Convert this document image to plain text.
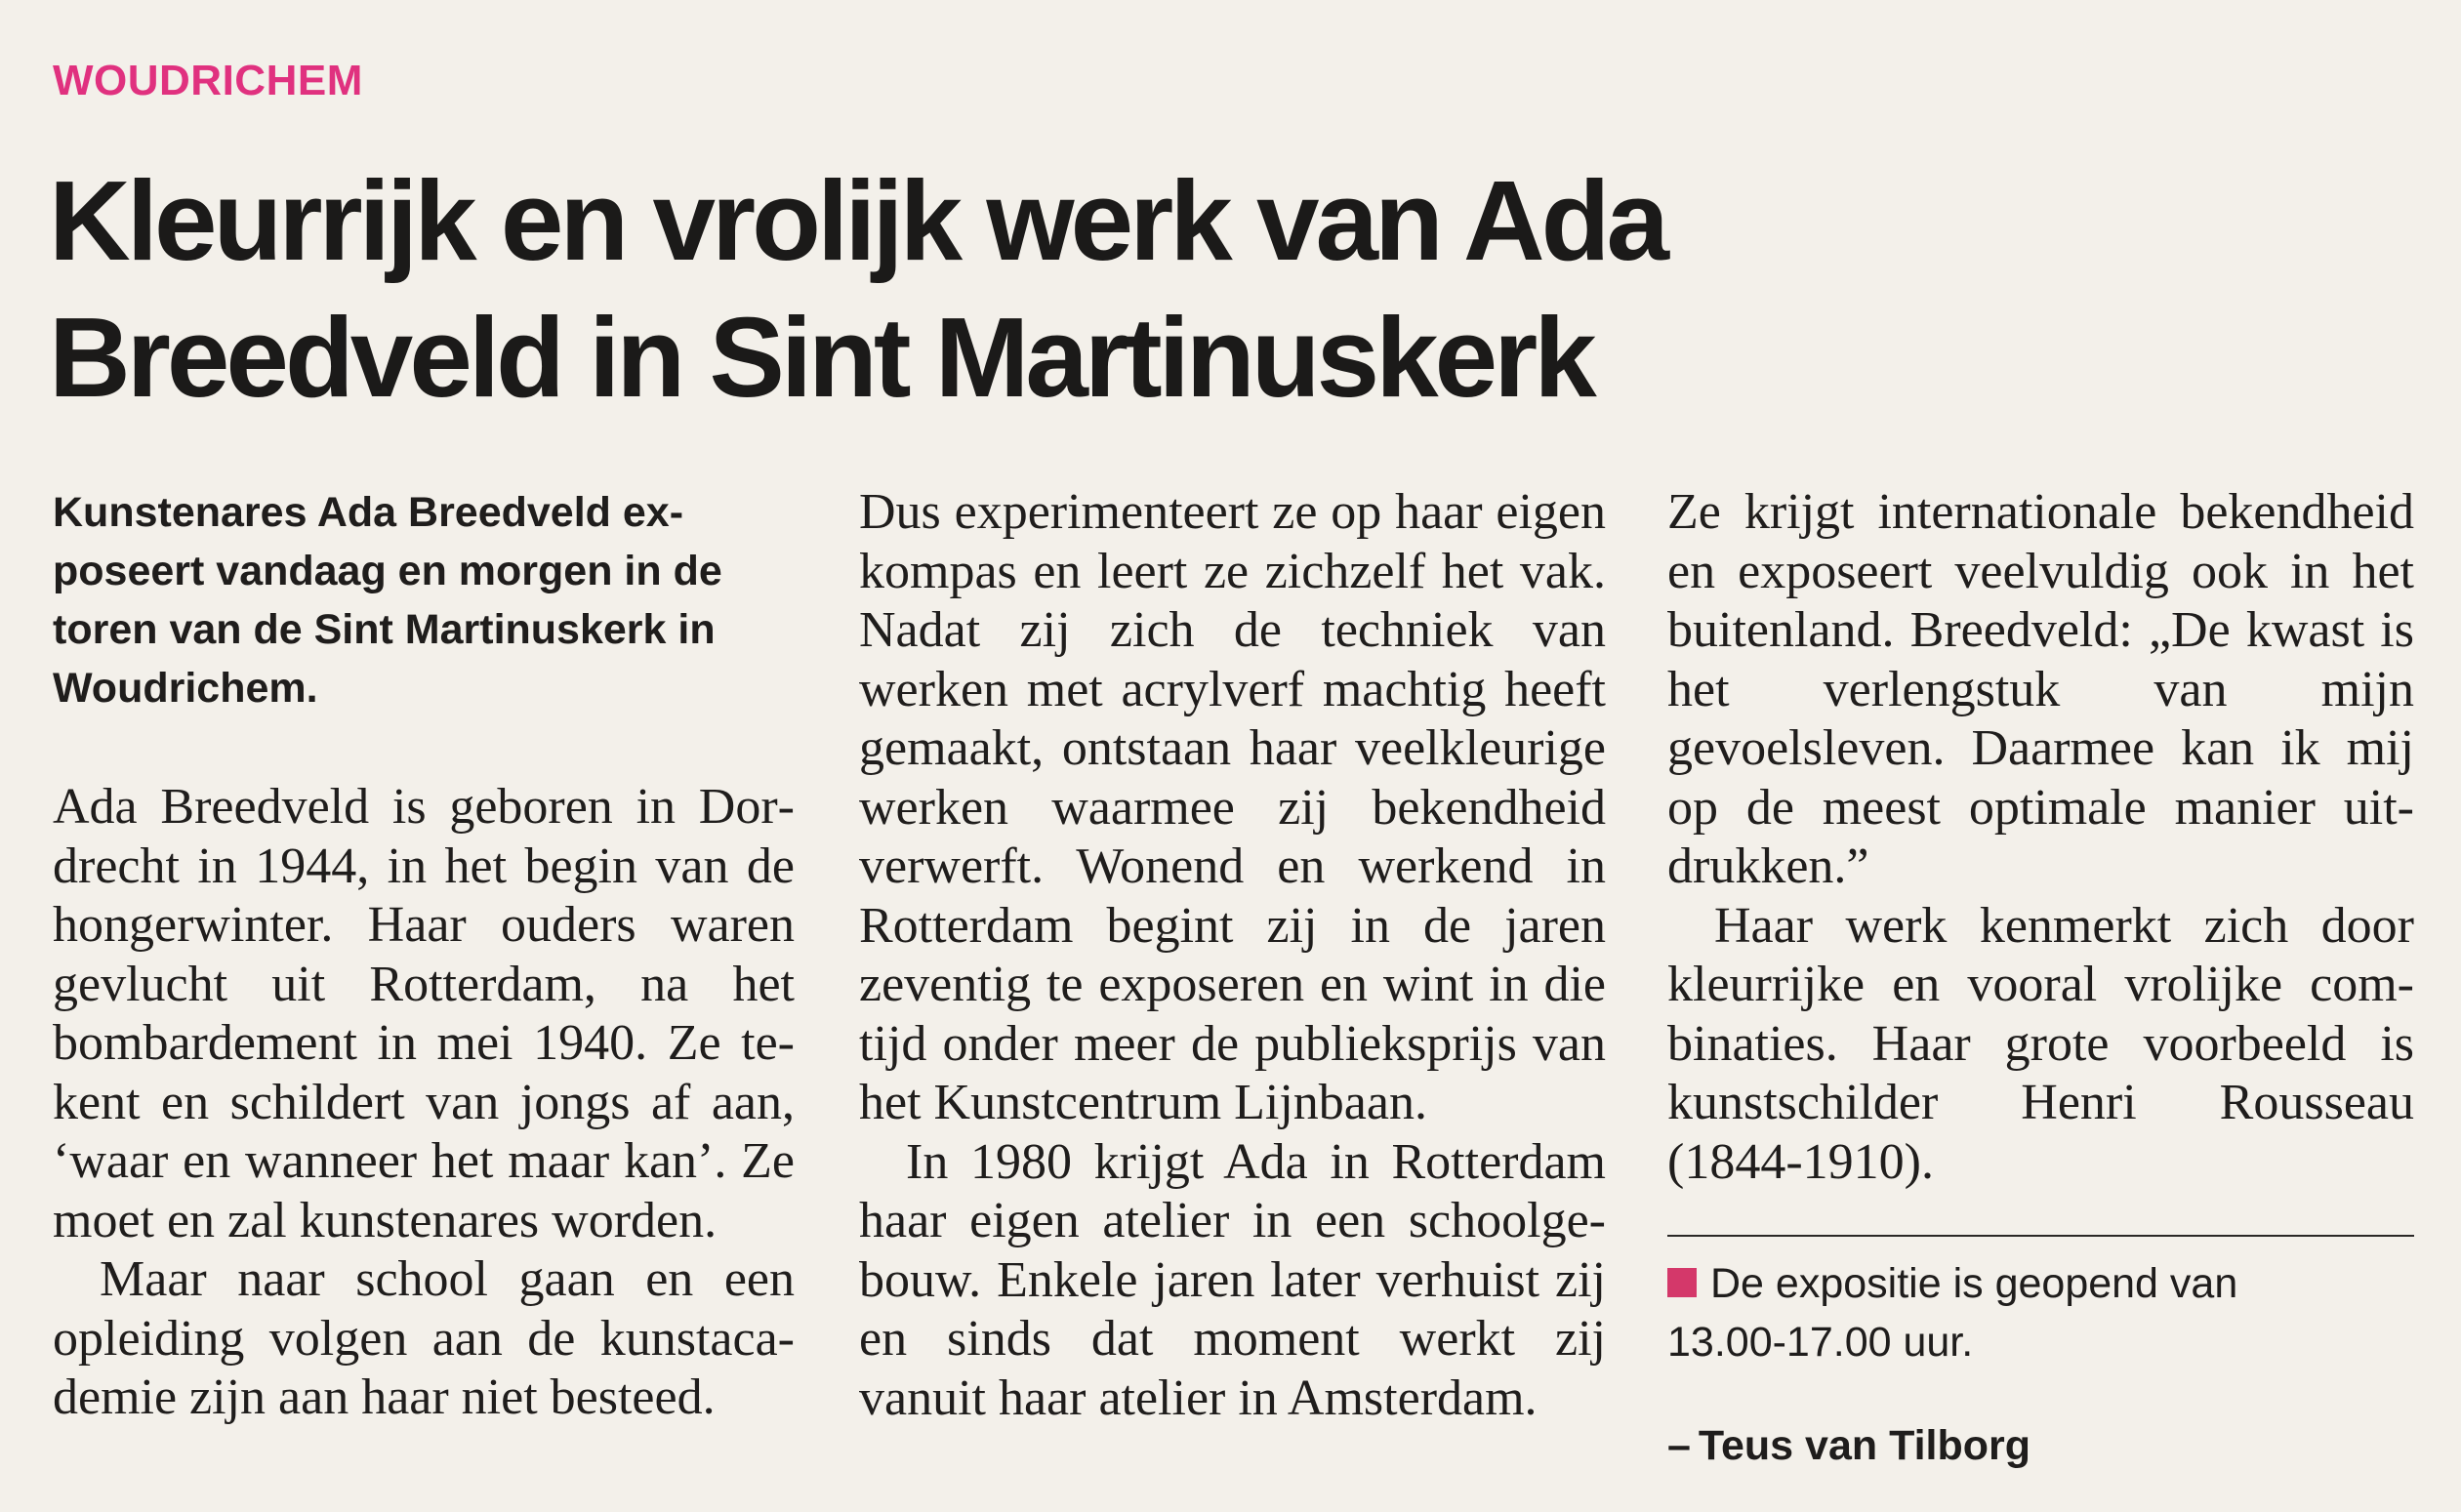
WOUDRICHEM
Kleurrijk en vrolijk werk van Ada
Breedveld in Sint Martinuskerk

Kunstenares Ada Breedveld exposeert vandaag en morgen in de toren van de Sint Martinuskerk in Woudrichem.

Ada Breedveld is geboren in Dordrecht in 1944, in het begin van de hongerwinter. Haar ouders waren gevlucht uit Rotterdam, na het bombardement in mei 1940. Ze tekent en schildert van jongs af aan, ‘waar en wanneer het maar kan’. Ze moet en zal kunstenares worden.

Maar naar school gaan en een opleiding volgen aan de kunstacademie zijn aan haar niet besteed.

Dus experimenteert ze op haar eigen kompas en leert ze zichzelf het vak. Nadat zij zich de techniek van werken met acrylverf machtig heeft gemaakt, ontstaan haar veelkleurige werken waarmee zij bekendheid verwerft. Wonend en werkend in Rotterdam begint zij in de jaren zeventig te exposeren en wint in die tijd onder meer de publieksprijs van het Kunstcentrum Lijnbaan.

In 1980 krijgt Ada in Rotterdam haar eigen atelier in een schoolgebouw. Enkele jaren later verhuist zij en sinds dat moment werkt zij vanuit haar atelier in Amsterdam.

Ze krijgt internationale bekendheid en exposeert veelvuldig ook in het buitenland. Breedveld: „De kwast is het verlengstuk van mijn gevoelsleven. Daarmee kan ik mij op de meest optimale manier uitdrukken.”

Haar werk kenmerkt zich door kleurrijke en vooral vrolijke combinaties. Haar grote voorbeeld is kunstschilder Henri Rousseau (1844-1910).

De expositie is geopend van 13.00-17.00 uur.

– Teus van Tilborg
